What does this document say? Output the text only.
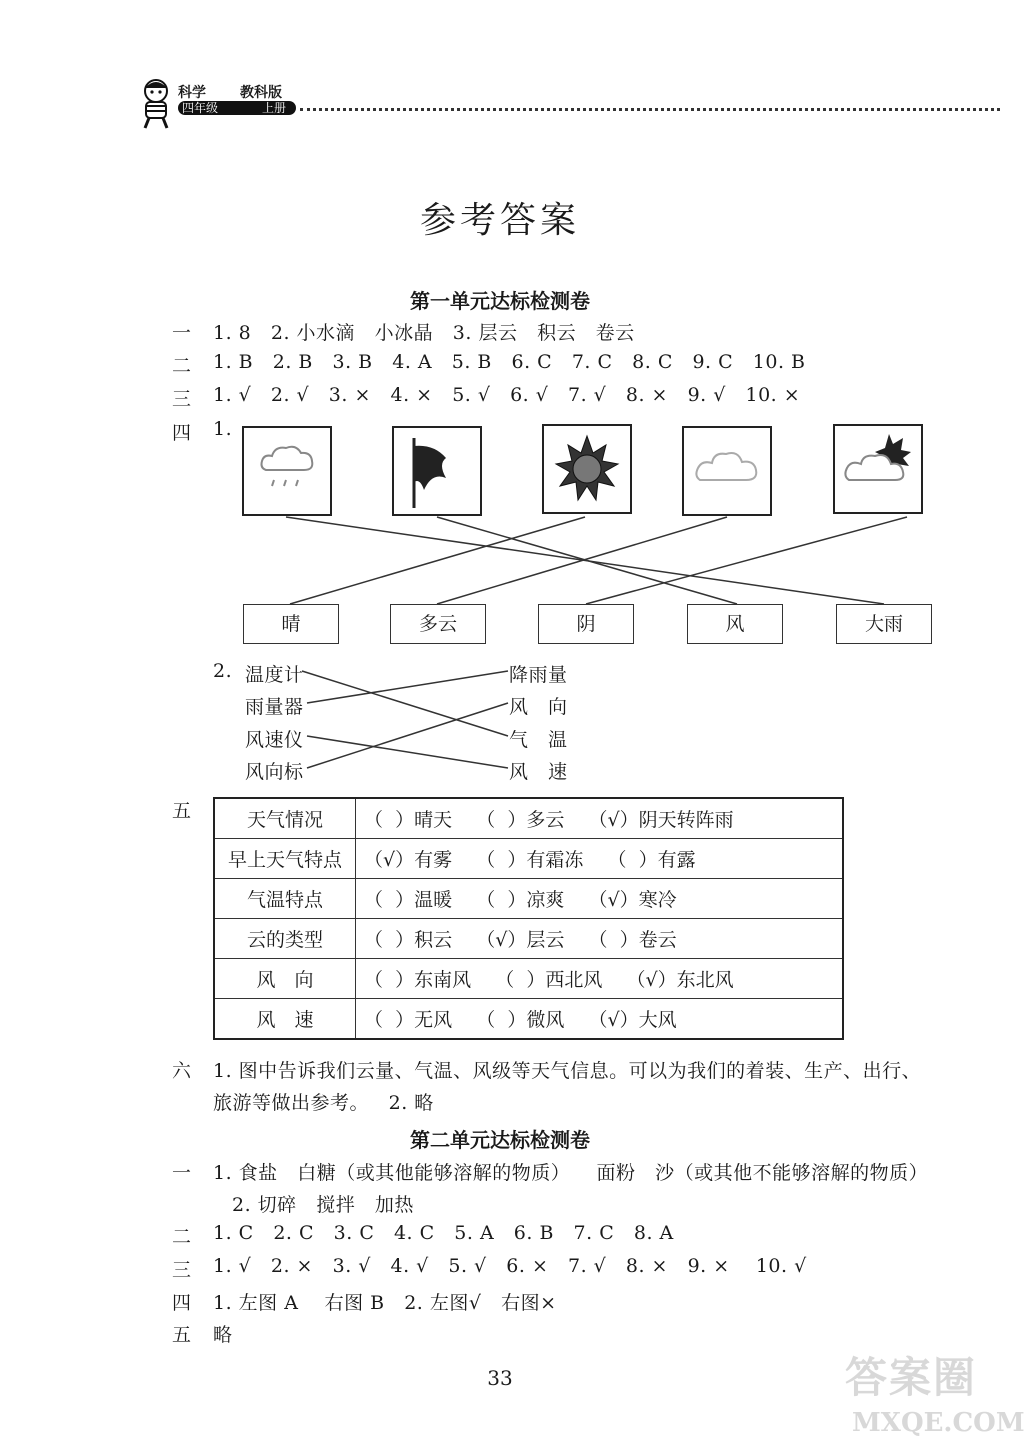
科学 教科版
四年级	上册
参考答案
第一单元达标检测卷
一 1. 8   2. 小水滴   小冰晶   3. 层云   积云   卷云
二 1. B   2. B   3. B   4. A   5. B   6. C   7. C   8. C   9. C   10. B
三 1. √   2. √   3. ×   4. ×   5. √   6. √   7. √   8. ×   9. √   10. ×
四 1.
晴	多云	阴	风	大雨
2. 温度计
雨量器
风速仪
风向标
降雨量
风　向
气　温
风　速
五	天气情况	（  ）晴天    （  ）多云    （√）阴天转阵雨
早上天气特点	（√）有雾    （  ）有霜冻    （  ）有露
气温特点	（  ）温暖    （  ）凉爽    （√）寒冷
云的类型	（  ）积云    （√）层云    （  ）卷云
风　向	（  ）东南风    （  ）西北风    （√）东北风
风　速	（  ）无风    （  ）微风    （√）大风
六 1. 图中告诉我们云量、气温、风级等天气信息。可以为我们的着装、生产、出行、
旅游等做出参考。   2. 略
第二单元达标检测卷
一 1. 食盐   白糖（或其他能够溶解的物质）    面粉   沙（或其他不能够溶解的物质）
2. 切碎   搅拌   加热
二 1. C   2. C   3. C   4. C   5. A   6. B   7. C   8. A
三 1. √   2. ×   3. √   4. √   5. √   6. ×   7. √   8. ×   9. ×    10. √
四 1. 左图 A    右图 B   2. 左图√   右图×
五 略
33	答案圈
MXQE.COM
